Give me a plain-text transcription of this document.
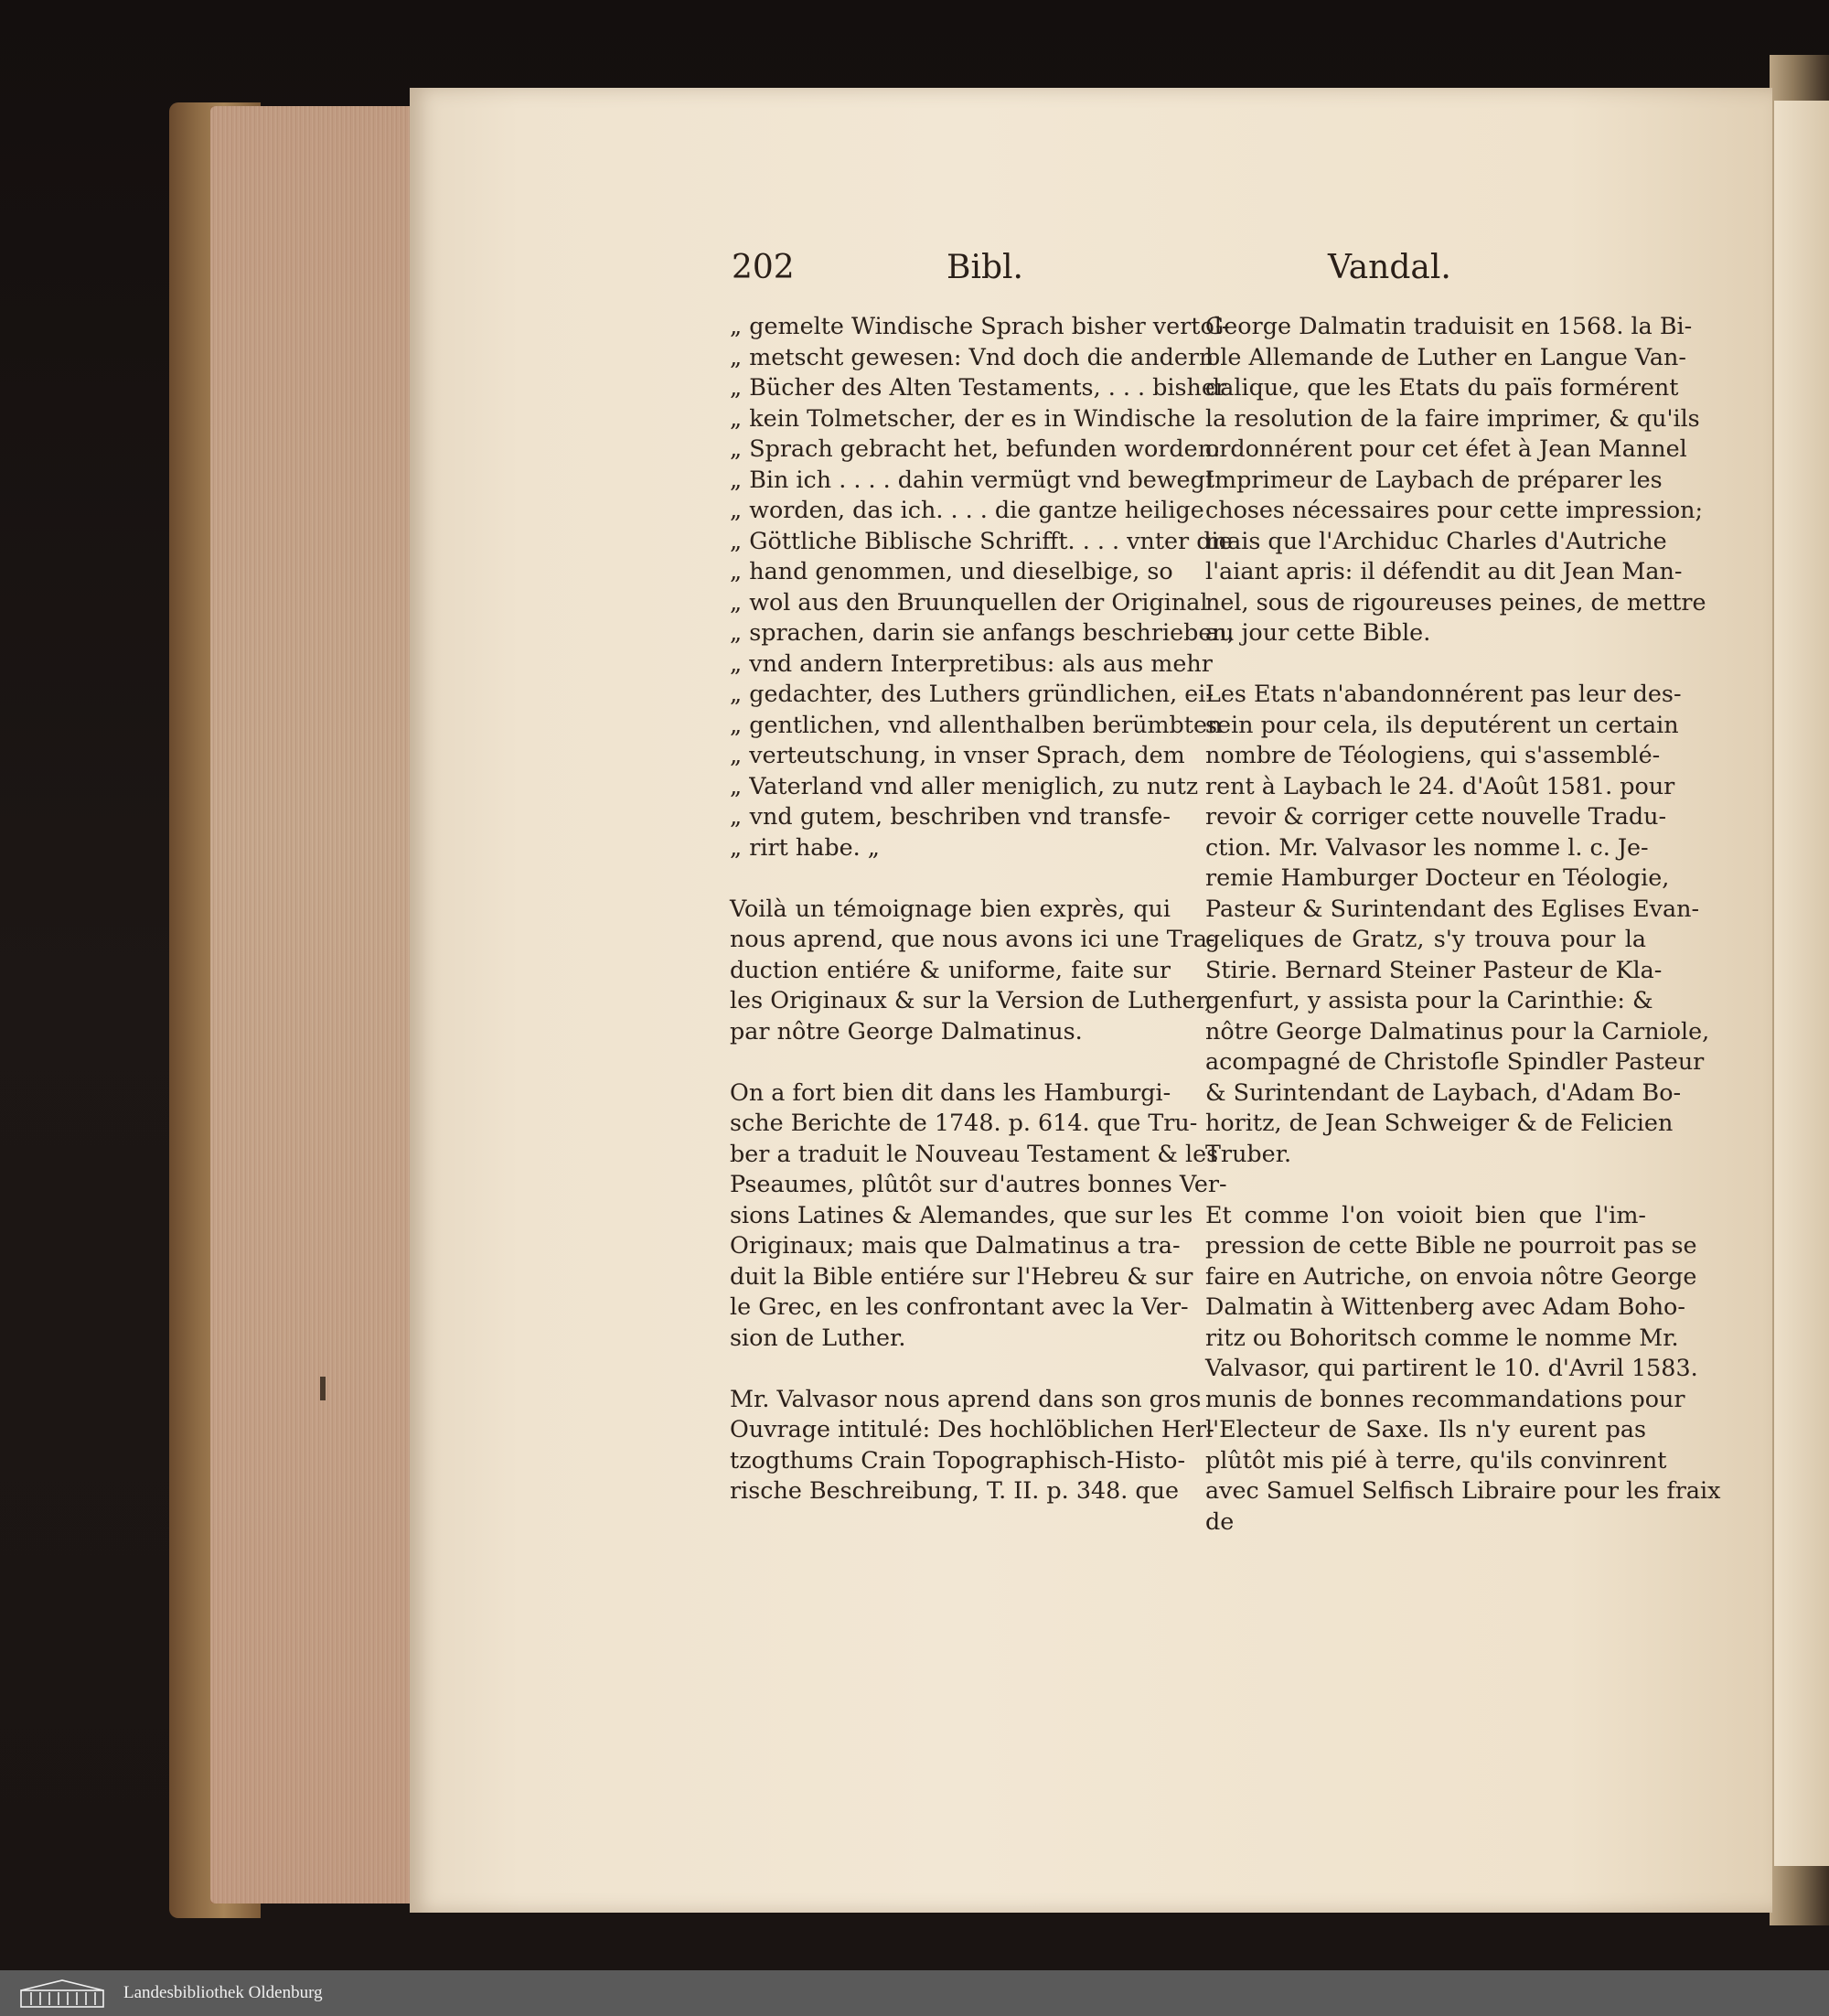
202	Bibl.	Vandal.
„ gemelte Windische Sprach bisher vertol-
„ metscht gewesen: Vnd doch die andern
„ Bücher des Alten Testaments, . . . bisher
„ kein Tolmetscher, der es in Windische
„ Sprach gebracht het, befunden worden:
„ Bin ich . . . . dahin vermügt vnd bewegt
„ worden, das ich. . . . die gantze heilige
„ Göttliche Biblische Schrifft. . . . vnter die
„ hand genommen, und dieselbige, so
„ wol aus den Bruunquellen der Original
„ sprachen, darin sie anfangs beschrieben,
„ vnd andern Interpretibus: als aus mehr
„ gedachter, des Luthers gründlichen, ei-
„ gentlichen, vnd allenthalben berümbten
„ verteutschung, in vnser Sprach, dem
„ Vaterland vnd aller meniglich, zu nutz
„ vnd gutem, beschriben vnd transfe-
„ rirt habe. „
Voilà un témoignage bien exprès, qui
nous aprend, que nous avons ici une Tra-
duction entiére & uniforme, faite sur
les Originaux & sur la Version de Luther,
par nôtre George Dalmatinus.
On a fort bien dit dans les Hamburgi-
sche Berichte de 1748. p. 614. que Tru-
ber a traduit le Nouveau Testament & les
Pseaumes, plûtôt sur d'autres bonnes Ver-
sions Latines & Alemandes, que sur les
Originaux; mais que Dalmatinus a tra-
duit la Bible entiére sur l'Hebreu & sur
le Grec, en les confrontant avec la Ver-
sion de Luther.
Mr. Valvasor nous aprend dans son gros
Ouvrage intitulé: Des hochlöblichen Her-
tzogthums Crain Topographisch-Histo-
rische Beschreibung, T. II. p. 348. que
George Dalmatin traduisit en 1568. la Bi-
ble Allemande de Luther en Langue Van-
dalique, que les Etats du païs formérent
la resolution de la faire imprimer, & qu'ils
ordonnérent pour cet éfet à Jean Mannel
Imprimeur de Laybach de préparer les
choses nécessaires pour cette impression;
mais que l'Archiduc Charles d'Autriche
l'aiant apris: il défendit au dit Jean Man-
nel, sous de rigoureuses peines, de mettre
au jour cette Bible.
Les Etats n'abandonnérent pas leur des-
sein pour cela, ils deputérent un certain
nombre de Téologiens, qui s'assemblé-
rent à Laybach le 24. d'Août 1581. pour
revoir & corriger cette nouvelle Tradu-
ction. Mr. Valvasor les nomme l. c. Je-
remie Hamburger Docteur en Téologie,
Pasteur & Surintendant des Eglises Evan-
geliques de Gratz, s'y trouva pour la
Stirie. Bernard Steiner Pasteur de Kla-
genfurt, y assista pour la Carinthie: &
nôtre George Dalmatinus pour la Carniole,
acompagné de Christofle Spindler Pasteur
& Surintendant de Laybach, d'Adam Bo-
horitz, de Jean Schweiger & de Felicien
Truber.
Et comme l'on voioit bien que l'im-
pression de cette Bible ne pourroit pas se
faire en Autriche, on envoia nôtre George
Dalmatin à Wittenberg avec Adam Boho-
ritz ou Bohoritsch comme le nomme Mr.
Valvasor, qui partirent le 10. d'Avril 1583.
munis de bonnes recommandations pour
l'Electeur de Saxe. Ils n'y eurent pas
plûtôt mis pié à terre, qu'ils convinrent
avec Samuel Selfisch Libraire pour les fraix
de
Landesbibliothek Oldenburg
